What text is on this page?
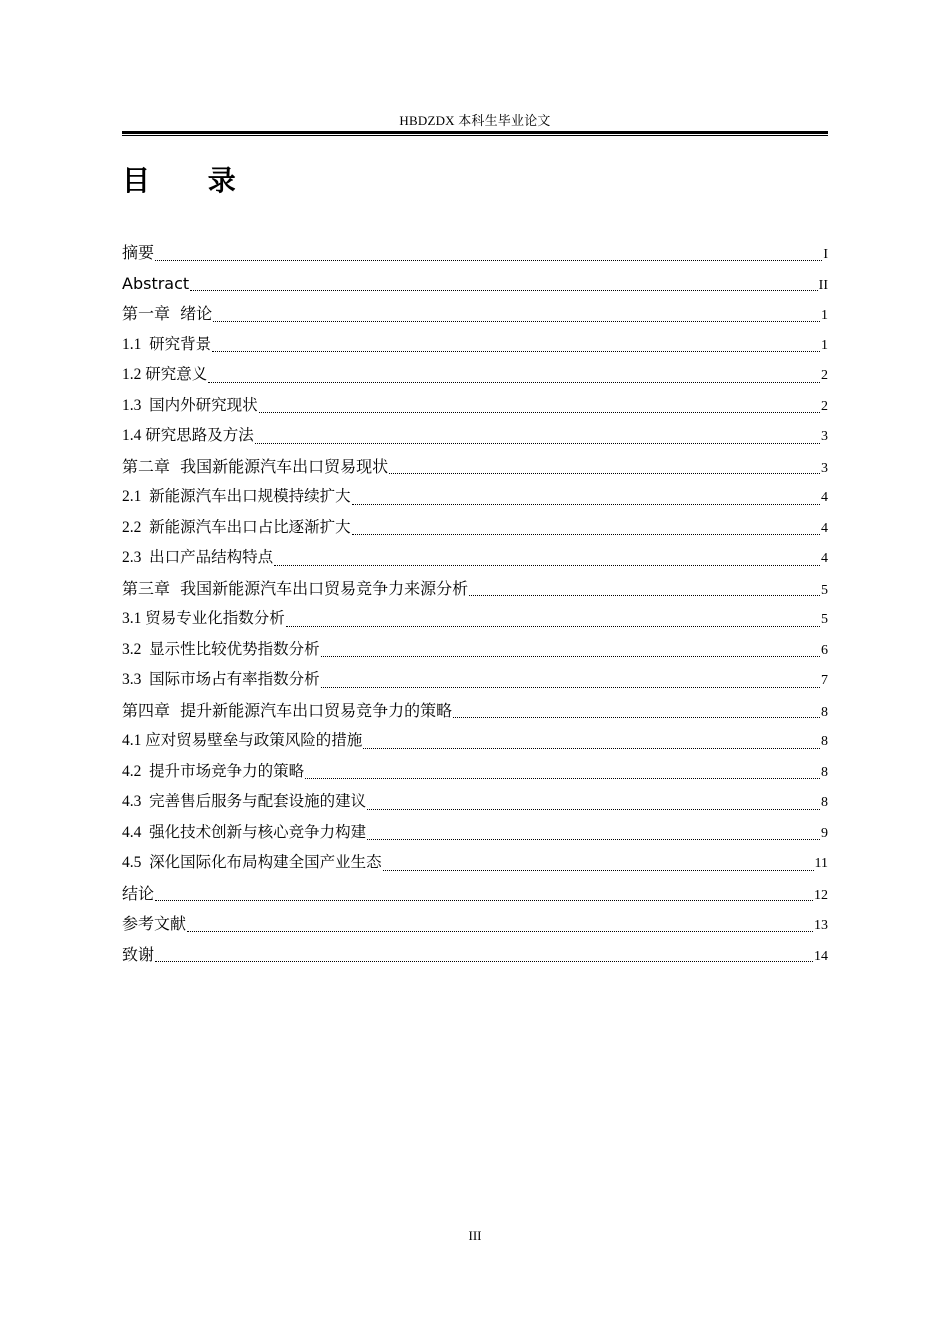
HBDZDX 本科生毕业论文
目 录
摘要	I
Abstract	II
第一章  绪论	1
1.1  研究背景	1
1.2 研究意义	2
1.3  国内外研究现状	2
1.4 研究思路及方法	3
第二章  我国新能源汽车出口贸易现状	3
2.1  新能源汽车出口规模持续扩大	4
2.2  新能源汽车出口占比逐渐扩大	4
2.3  出口产品结构特点	4
第三章  我国新能源汽车出口贸易竞争力来源分析	5
3.1 贸易专业化指数分析	5
3.2  显示性比较优势指数分析	6
3.3  国际市场占有率指数分析	7
第四章  提升新能源汽车出口贸易竞争力的策略	8
4.1 应对贸易壁垒与政策风险的措施	8
4.2  提升市场竞争力的策略	8
4.3  完善售后服务与配套设施的建议	8
4.4  强化技术创新与核心竞争力构建	9
4.5  深化国际化布局构建全国产业生态	11
结论	12
参考文献	13
致谢	14
III
